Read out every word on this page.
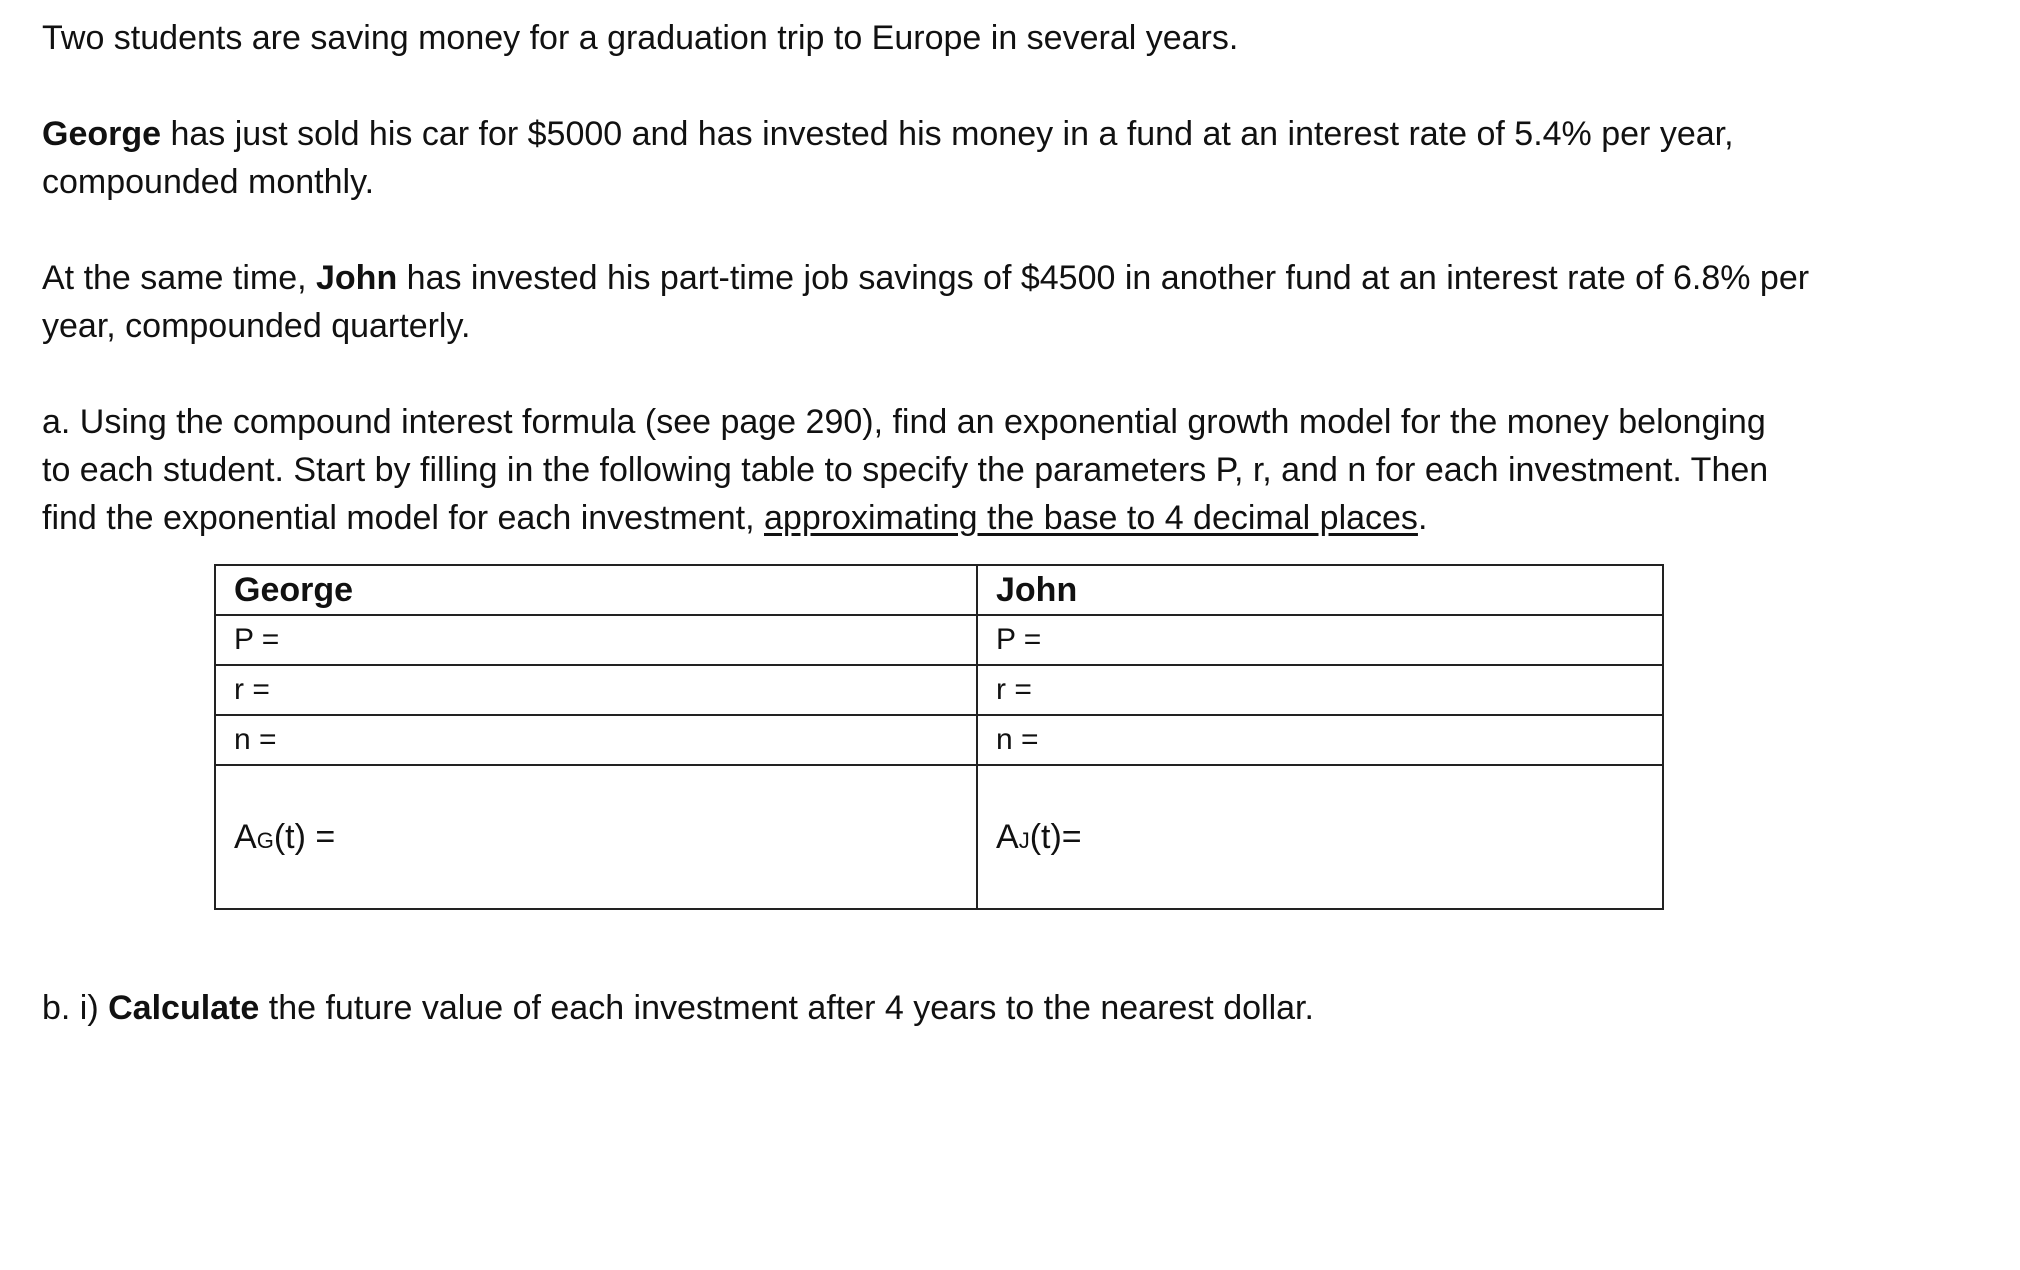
Two students are saving money for a graduation trip to Europe in several years.

George has just sold his car for $5000 and has invested his money in a fund at an interest rate of 5.4% per year,
compounded monthly.

At the same time, John has invested his part-time job savings of $4500 in another fund at an interest rate of 6.8% per
year, compounded quarterly.

a. Using the compound interest formula (see page 290), find an exponential growth model for the money belonging
to each student. Start by filling in the following table to specify the parameters P, r, and n for each investment. Then
find the exponential model for each investment, approximating the base to 4 decimal places.

George	John
P =	P =
r =	r =
n =	n =
AG(t) =	AJ(t)=

b. i) Calculate the future value of each investment after 4 years to the nearest dollar.
